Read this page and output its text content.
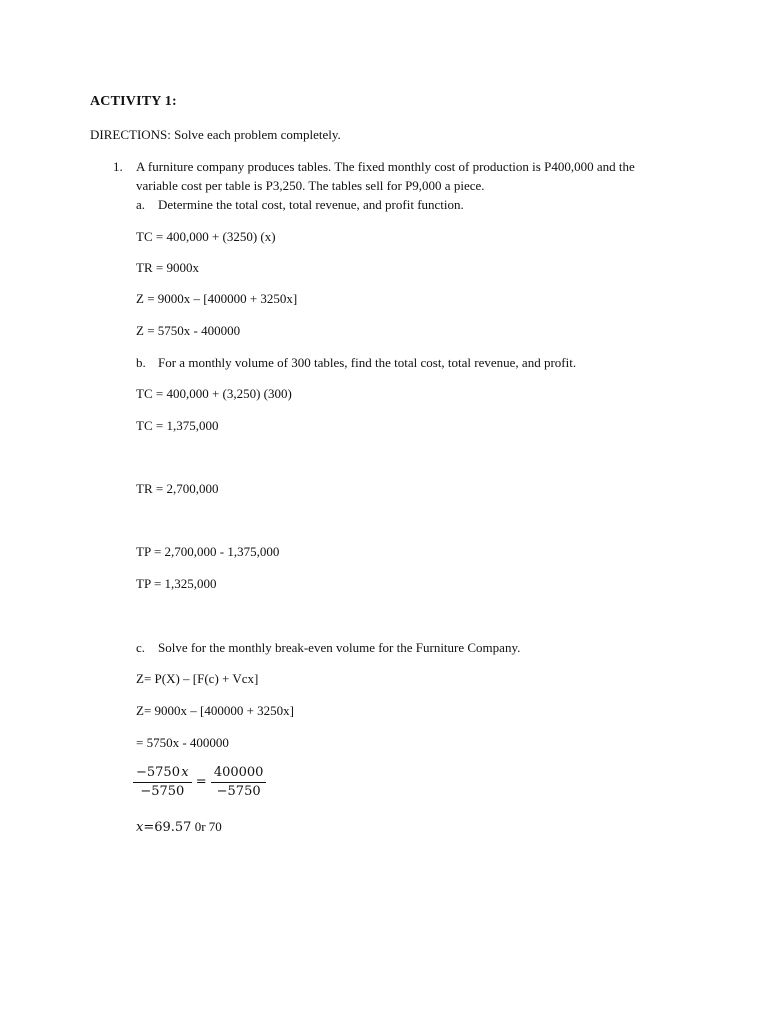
ACTIVITY 1:
DIRECTIONS: Solve each problem completely.
1. A furniture company produces tables. The fixed monthly cost of production is P400,000 and the
variable cost per table is P3,250. The tables sell for P9,000 a piece.
a. Determine the total cost, total revenue, and profit function.
TC = 400,000 + (3250) (x)
TR = 9000x
Z = 9000x – [400000 + 3250x]
Z = 5750x - 400000
b. For a monthly volume of 300 tables, find the total cost, total revenue, and profit.
TC = 400,000 + (3,250) (300)
TC = 1,375,000
TR = 2,700,000
TP = 2,700,000 - 1,375,000
TP = 1,325,000
c. Solve for the monthly break-even volume for the Furniture Company.
Z= P(X) – [F(c) + Vcx]
Z= 9000x – [400000 + 3250x]
= 5750x - 400000
$\frac{-5750 x}{-5750} = \frac{400000}{-5750}$
x=69.57 0r 70
